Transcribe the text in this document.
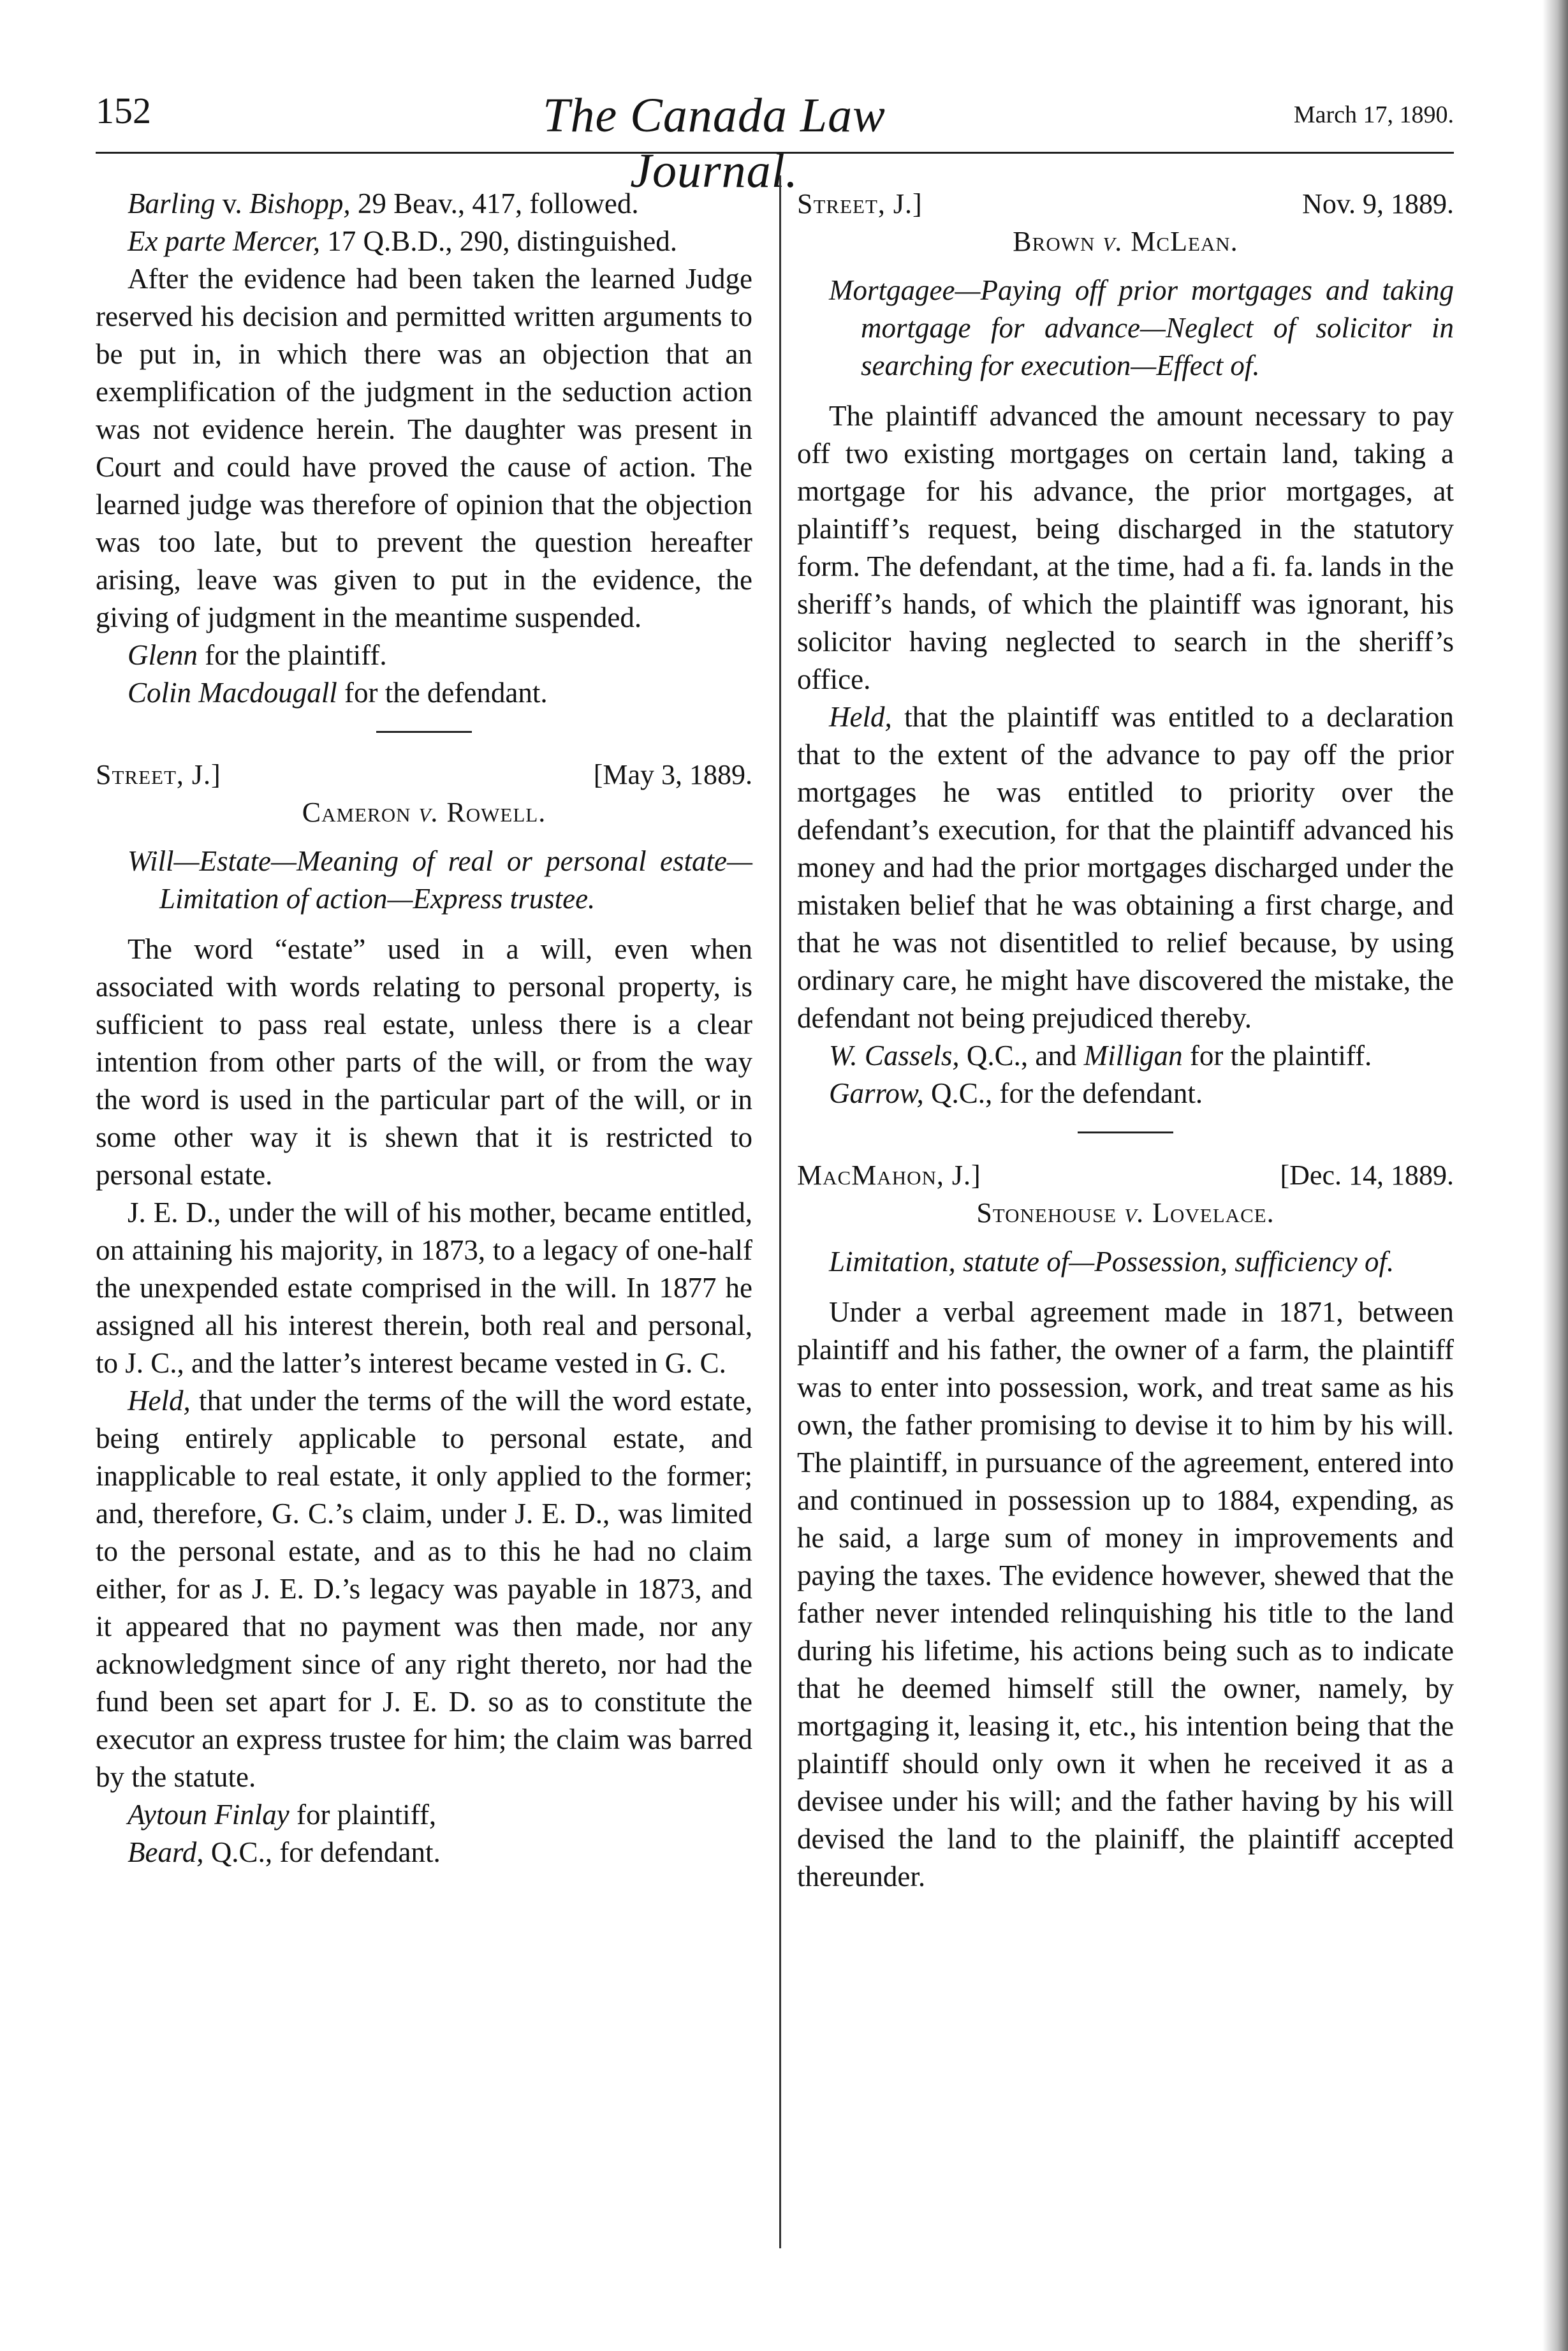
152	The Canada Law Journal.
March 17, 1890.

Barling v. Bishopp, 29 Beav., 417, followed.

Ex parte Mercer, 17 Q.B.D., 290, distinguished.

After the evidence had been taken the learned Judge reserved his decision and permitted written arguments to be put in, in which there was an objection that an exemplification of the judgment in the seduction action was not evidence herein. The daughter was present in Court and could have proved the cause of action. The learned judge was therefore of opinion that the objection was too late, but to prevent the question hereafter arising, leave was given to put in the evidence, the giving of judgment in the meantime suspended.

Glenn for the plaintiff.

Colin Macdougall for the defendant.

Street, J.]	[May 3, 1889.
Cameron v. Rowell.

Will—Estate—Meaning of real or personal estate—Limitation of action—Express trustee.

The word “estate” used in a will, even when associated with words relating to personal property, is sufficient to pass real estate, unless there is a clear intention from other parts of the will, or from the way the word is used in the particular part of the will, or in some other way it is shewn that it is restricted to personal estate.

J. E. D., under the will of his mother, became entitled, on attaining his majority, in 1873, to a legacy of one-half the unexpended estate comprised in the will. In 1877 he assigned all his interest therein, both real and personal, to J. C., and the latter’s interest became vested in G. C.

Held, that under the terms of the will the word estate, being entirely applicable to personal estate, and inapplicable to real estate, it only applied to the former; and, therefore, G. C.’s claim, under J. E. D., was limited to the personal estate, and as to this he had no claim either, for as J. E. D.’s legacy was payable in 1873, and it appeared that no payment was then made, nor any acknowledgment since of any right thereto, nor had the fund been set apart for J. E. D. so as to constitute the executor an express trustee for him; the claim was barred by the statute.

Aytoun Finlay for plaintiff,

Beard, Q.C., for defendant.

Street, J.]	Nov. 9, 1889.
Brown v. McLean.

Mortgagee—Paying off prior mortgages and taking mortgage for advance—Neglect of solicitor in searching for execution—Effect of.

The plaintiff advanced the amount necessary to pay off two existing mortgages on certain land, taking a mortgage for his advance, the prior mortgages, at plaintiff’s request, being discharged in the statutory form. The defendant, at the time, had a fi. fa. lands in the sheriff’s hands, of which the plaintiff was ignorant, his solicitor having neglected to search in the sheriff’s office.

Held, that the plaintiff was entitled to a declaration that to the extent of the advance to pay off the prior mortgages he was entitled to priority over the defendant’s execution, for that the plaintiff advanced his money and had the prior mortgages discharged under the mistaken belief that he was obtaining a first charge, and that he was not disentitled to relief because, by using ordinary care, he might have discovered the mistake, the defendant not being prejudiced thereby.

W. Cassels, Q.C., and Milligan for the plaintiff.

Garrow, Q.C., for the defendant.

MacMahon, J.]	[Dec. 14, 1889.
Stonehouse v. Lovelace.

Limitation, statute of—Possession, sufficiency of.

Under a verbal agreement made in 1871, between plaintiff and his father, the owner of a farm, the plaintiff was to enter into possession, work, and treat same as his own, the father promising to devise it to him by his will. The plaintiff, in pursuance of the agreement, entered into and continued in possession up to 1884, expending, as he said, a large sum of money in improvements and paying the taxes. The evidence however, shewed that the father never intended relinquishing his title to the land during his lifetime, his actions being such as to indicate that he deemed himself still the owner, namely, by mortgaging it, leasing it, etc., his intention being that the plaintiff should only own it when he received it as a devisee under his will; and the father having by his will devised the land to the plainiff, the plaintiff accepted thereunder.
